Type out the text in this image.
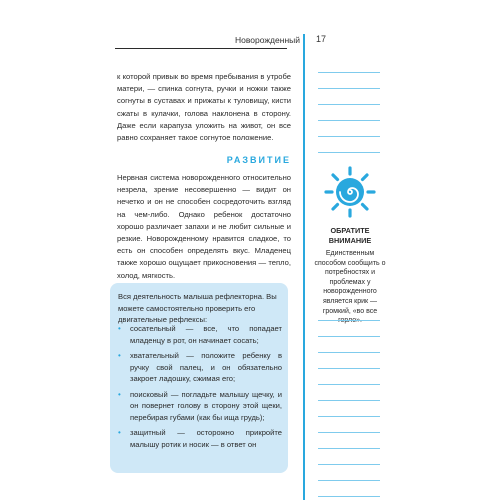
Новорожденный 17

к которой привык во время пребывания в утробе матери, — спинка согнута, ручки и ножки также согнуты в суставах и прижаты к туловищу, кисти сжаты в кулачки, голова наклонена в сторону. Даже если карапуза уложить на живот, он все равно сохраняет такое согнутое положение.

РАЗВИТИЕ

Нервная система новорожденного относительно незрела, зрение несовершенно — видит он нечетко и он не способен сосредоточить взгляд на чем-либо. Однако ребенок достаточно хорошо различает запахи и не любит сильные и резкие. Новорожденному нравится сладкое, то есть он способен определять вкус. Младенец также хорошо ощущает прикосновения — тепло, холод, мягкость.

Вся деятельность малыша рефлекторна. Вы можете самостоятельно проверить его двигательные рефлексы:

• сосательный — все, что попадает младенцу в рот, он начинает сосать;
• хватательный — положите ребенку в ручку свой палец, и он обязательно закроет ладошку, сжимая его;
• поисковый — погладьте малышу щечку, и он повернет голову в сторону этой щеки, перебирая губами (как бы ища грудь);
• защитный — осторожно прикройте малышу ротик и носик — в ответ он
ОБРАТИТЕ ВНИМАНИЕ

Единственным способом сообщить о потребностях и проблемах у новорожденного является крик — громкий, «во все
